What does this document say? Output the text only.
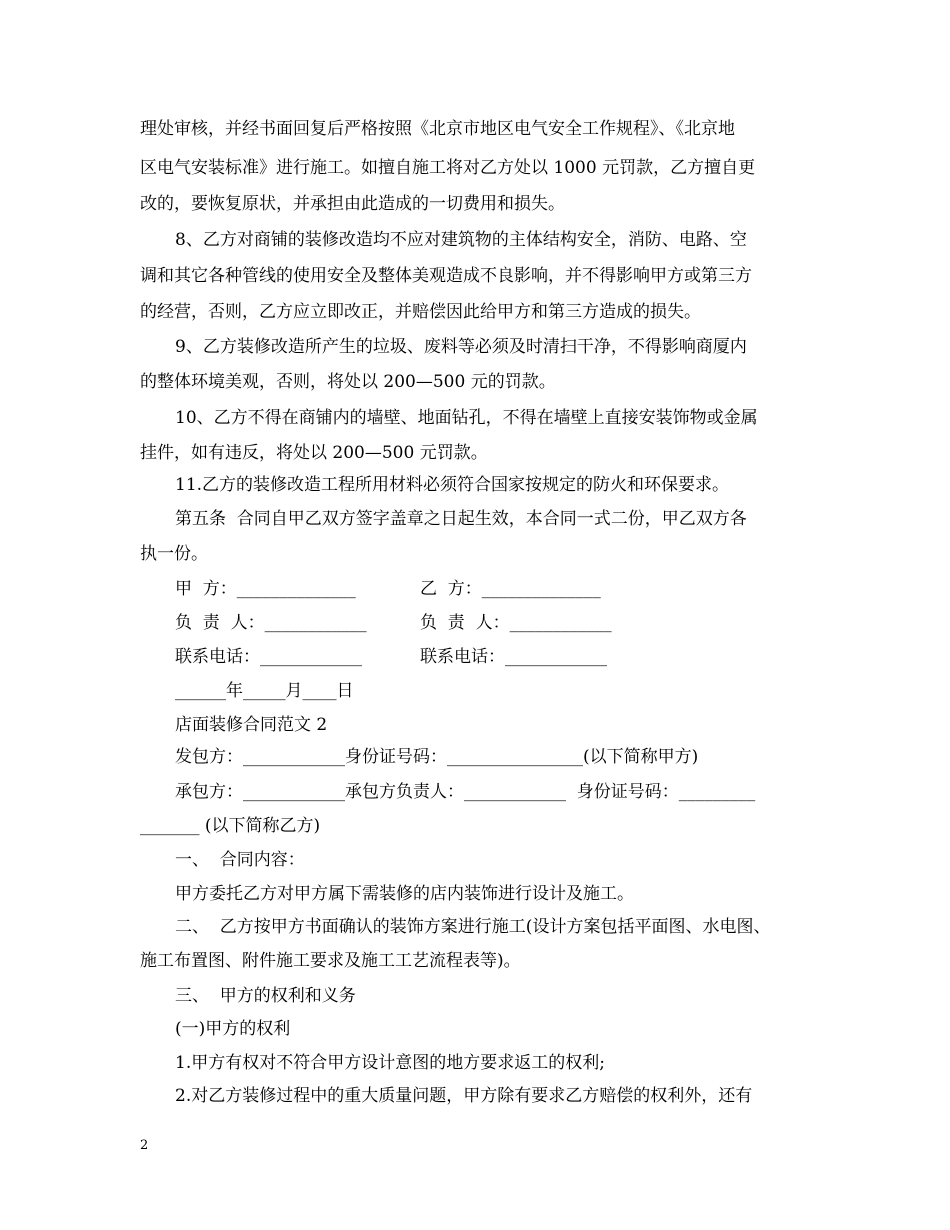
理处审核，并经书面回复后严格按照《北京市地区电气安全工作规程》、《北京地
区电气安装标准》进行施工。如擅自施工将对乙方处以 1000 元罚款，乙方擅自更
改的，要恢复原状，并承担由此造成的一切费用和损失。
8、乙方对商铺的装修改造均不应对建筑物的主体结构安全，消防、电路、空
调和其它各种管线的使用安全及整体美观造成不良影响，并不得影响甲方或第三方
的经营，否则，乙方应立即改正，并赔偿因此给甲方和第三方造成的损失。
9、乙方装修改造所产生的垃圾、废料等必须及时清扫干净，不得影响商厦内
的整体环境美观，否则，将处以 200—500 元的罚款。
10、乙方不得在商铺内的墙壁、地面钻孔，不得在墙壁上直接安装饰物或金属
挂件，如有违反，将处以 200—500 元罚款。
11.乙方的装修改造工程所用材料必须符合国家按规定的防火和环保要求。
第五条  合同自甲乙双方签字盖章之日起生效，本合同一式二份，甲乙双方各
执一份。
甲  方：______________	乙  方：______________
负  责  人：____________	负  责  人：____________
联系电话：____________	联系电话：____________
______年_____月____日
店面装修合同范文 2
发包方：____________身份证号码：________________(以下简称甲方)
承包方：____________承包方负责人：____________  身份证号码：_________
_______ (以下简称乙方)
一、  合同内容：
甲方委托乙方对甲方属下需装修的店内装饰进行设计及施工。
二、  乙方按甲方书面确认的装饰方案进行施工(设计方案包括平面图、水电图、
施工布置图、附件施工要求及施工工艺流程表等)。
三、  甲方的权利和义务
(一)甲方的权利
1.甲方有权对不符合甲方设计意图的地方要求返工的权利;
2.对乙方装修过程中的重大质量问题，甲方除有要求乙方赔偿的权利外，还有
2
